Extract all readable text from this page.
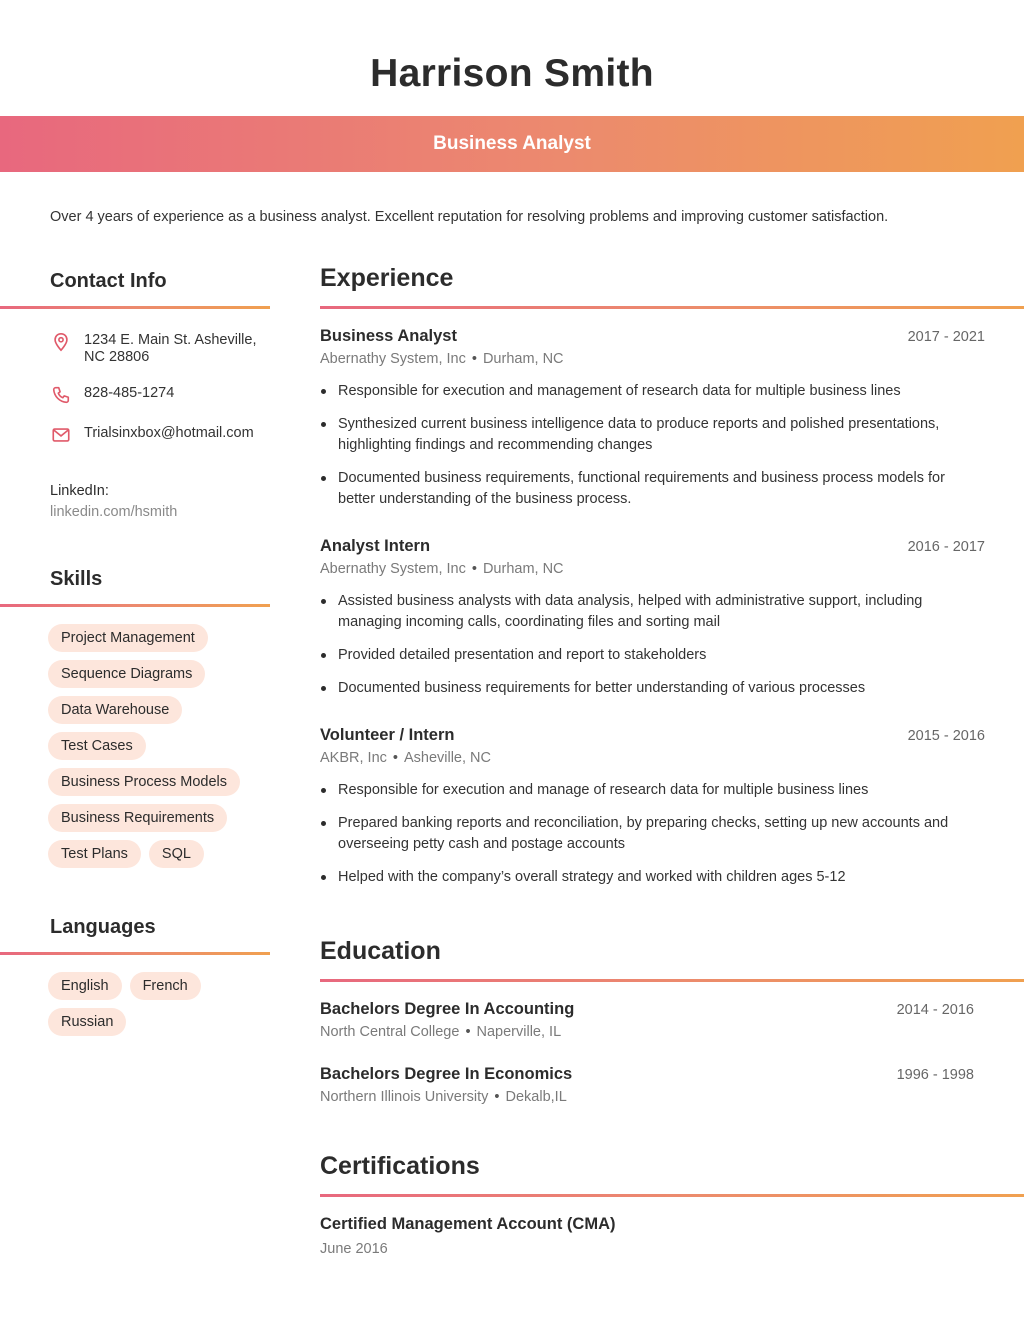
Harrison Smith
Business Analyst
Over 4 years of experience as a business analyst. Excellent reputation for resolving problems and improving customer satisfaction.
Contact Info
1234 E. Main St. Asheville, NC 28806
828-485-1274
Trialsinxbox@hotmail.com
LinkedIn:
linkedin.com/hsmith
Skills
Project Management
Sequence Diagrams
Data Warehouse
Test Cases
Business Process Models
Business Requirements
Test Plans	SQL
Languages
English	French
Russian
Experience
Business Analyst	2017 - 2021
Abernathy System, Inc • Durham, NC
Responsible for execution and management of research data for multiple business lines
Synthesized current business intelligence data to produce reports and polished presentations, highlighting findings and recommending changes
Documented business requirements, functional requirements and business process models for better understanding of the business process.
Analyst Intern	2016 - 2017
Abernathy System, Inc • Durham, NC
Assisted business analysts with data analysis, helped with administrative support, including managing incoming calls, coordinating files and sorting mail
Provided detailed presentation and report to stakeholders
Documented business requirements for better understanding of various processes
Volunteer / Intern	2015 - 2016
AKBR, Inc • Asheville, NC
Responsible for execution and manage of research data for multiple business lines
Prepared banking reports and reconciliation, by preparing checks, setting up new accounts and overseeing petty cash and postage accounts
Helped with the company’s overall strategy and worked with children ages 5-12
Education
Bachelors Degree In Accounting	2014 - 2016
North Central College • Naperville, IL
Bachelors Degree In Economics	1996 - 1998
Northern Illinois University • Dekalb,IL
Certifications
Certified Management Account (CMA)
June 2016
